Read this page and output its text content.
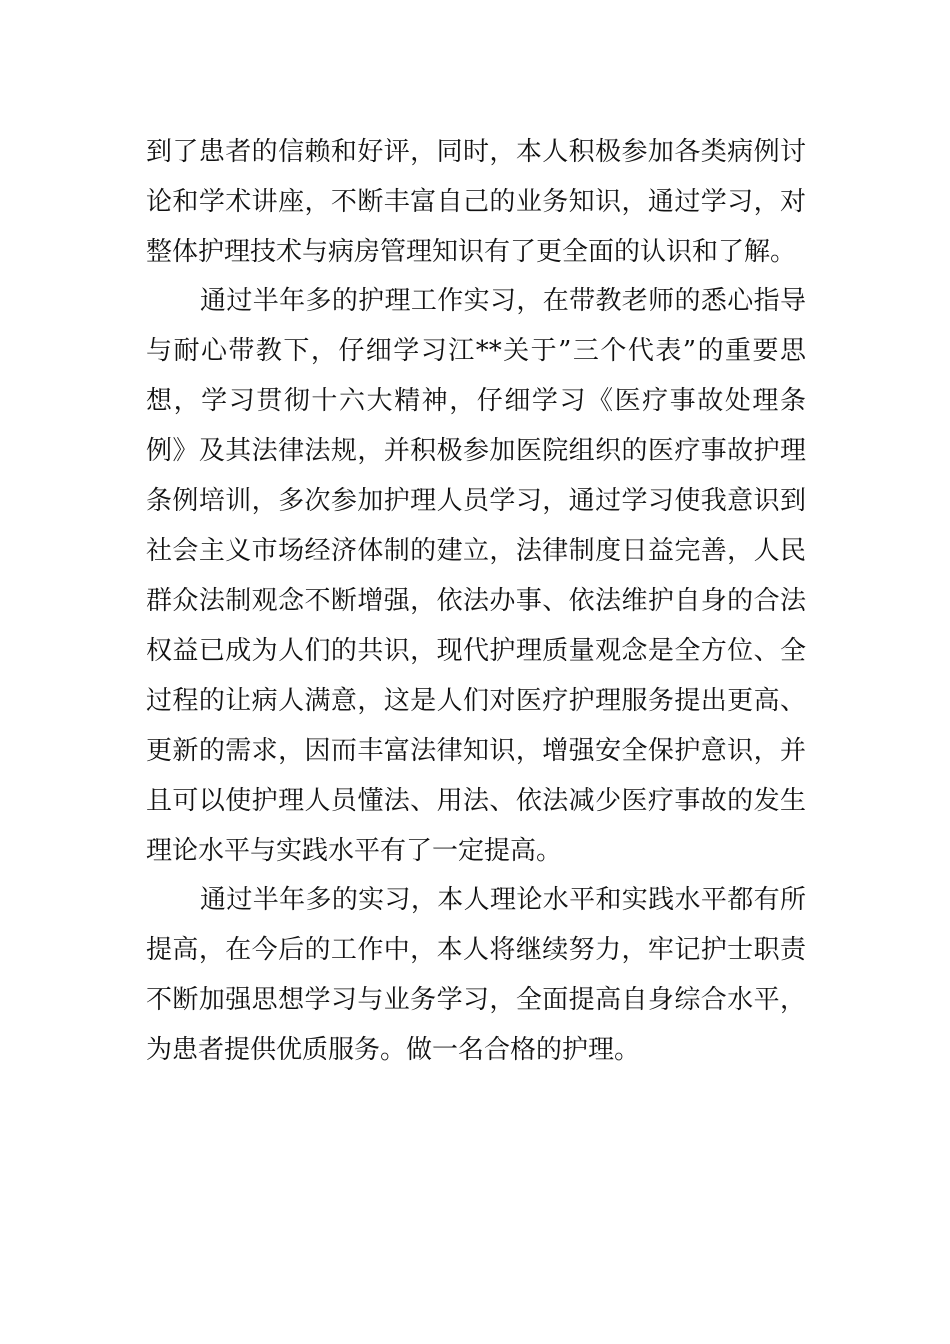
到了患者的信赖和好评，同时，本人积极参加各类病例讨
论和学术讲座，不断丰富自己的业务知识，通过学习，对
整体护理技术与病房管理知识有了更全面的认识和了解。
通过半年多的护理工作实习，在带教老师的悉心指导
与耐心带教下，仔细学习江**关于”三个代表”的重要思
想，学习贯彻十六大精神，仔细学习《医疗事故处理条
例》及其法律法规，并积极参加医院组织的医疗事故护理
条例培训，多次参加护理人员学习，通过学习使我意识到
社会主义市场经济体制的建立，法律制度日益完善，人民
群众法制观念不断增强，依法办事、依法维护自身的合法
权益已成为人们的共识，现代护理质量观念是全方位、全
过程的让病人满意，这是人们对医疗护理服务提出更高、
更新的需求，因而丰富法律知识，增强安全保护意识，并
且可以使护理人员懂法、用法、依法减少医疗事故的发生
理论水平与实践水平有了一定提高。
通过半年多的实习，本人理论水平和实践水平都有所
提高，在今后的工作中，本人将继续努力，牢记护士职责
不断加强思想学习与业务学习，全面提高自身综合水平，
为患者提供优质服务。做一名合格的护理。
